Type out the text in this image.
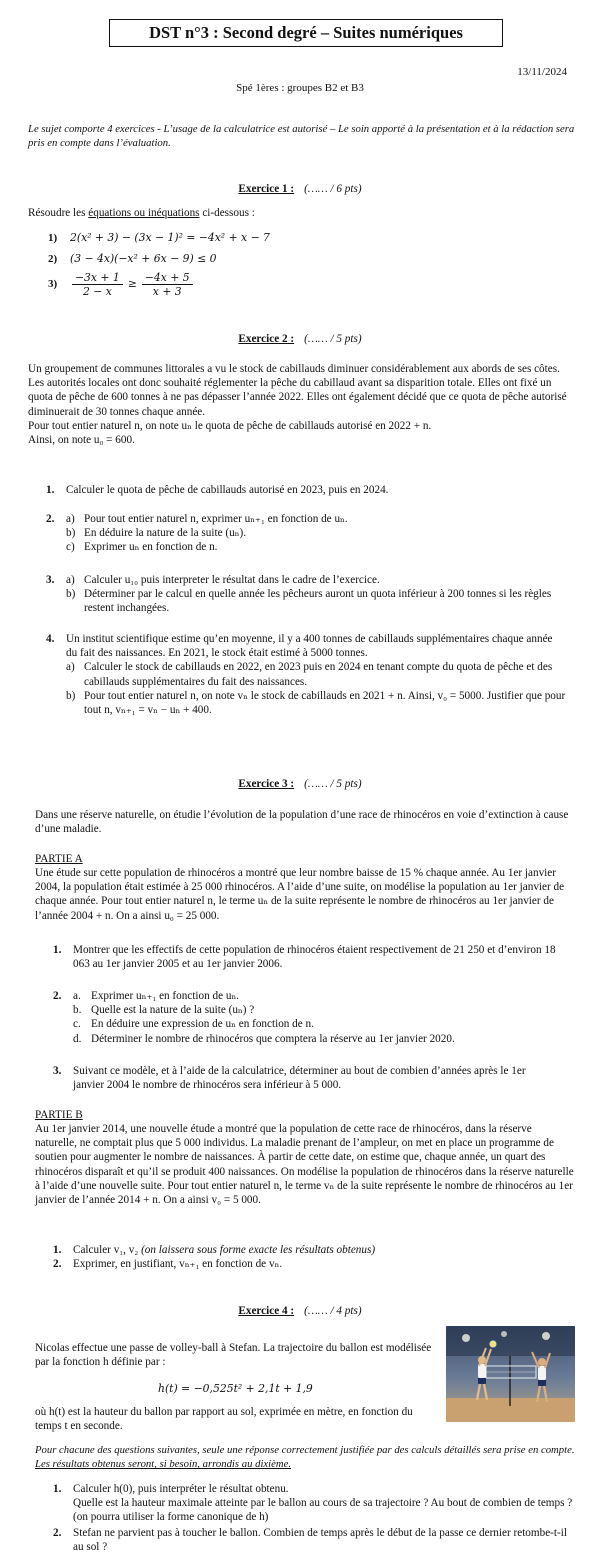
DST n°3 : Second degré – Suites numériques
13/11/2024
Spé 1ères : groupes B2 et B3
Le sujet comporte 4 exercices - L’usage de la calculatrice est autorisé – Le soin apporté à la présentation et à la rédaction sera pris en compte dans l’évaluation.
Exercice 1 : (…… / 6 pts)
Résoudre les équations ou inéquations ci-dessous :
1) 2(x² + 3) − (3x − 1)² = −4x² + x − 7
2) (3 − 4x)(−x² + 6x − 9) ≤ 0
3)	$\frac{-3x + 1}{2 - x} \ge \frac{-4x + 5}{x + 3}$
Exercice 2 : (…… / 5 pts)
Un groupement de communes littorales a vu le stock de cabillauds diminuer considérablement aux abords de ses côtes.
Les autorités locales ont donc souhaité réglementer la pêche du cabillaud avant sa disparition totale. Elles ont fixé un quota de pêche de 600 tonnes à ne pas dépasser l’année 2022. Elles ont également décidé que ce quota de pêche autorisé diminuerait de 30 tonnes chaque année.
Pour tout entier naturel n, on note uₙ le quota de pêche de cabillauds autorisé en 2022 + n.
Ainsi, on note u₀ = 600.
1.	Calculer le quota de pêche de cabillauds autorisé en 2023, puis en 2024.
2.	a) Pour tout entier naturel n, exprimer uₙ₊₁ en fonction de uₙ.
b) En déduire la nature de la suite (uₙ).
c) Exprimer uₙ en fonction de n.
3.	a) Calculer u₁₀ puis interpreter le résultat dans le cadre de l’exercice.
b) Déterminer par le calcul en quelle année les pêcheurs auront un quota inférieur à 200 tonnes si les règles restent inchangées.
4.	Un institut scientifique estime qu’en moyenne, il y a 400 tonnes de cabillauds supplémentaires chaque année du fait des naissances. En 2021, le stock était estimé à 5000 tonnes.
a) Calculer le stock de cabillauds en 2022, en 2023 puis en 2024 en tenant compte du quota de pêche et des cabillauds supplémentaires du fait des naissances.
b) Pour tout entier naturel n, on note vₙ le stock de cabillauds en 2021 + n. Ainsi, v₀ = 5000. Justifier que pour tout n, vₙ₊₁ = vₙ − uₙ + 400.
Exercice 3 : (…… / 5 pts)
Dans une réserve naturelle, on étudie l’évolution de la population d’une race de rhinocéros en voie d’extinction à cause d’une maladie.
PARTIE A
Une étude sur cette population de rhinocéros a montré que leur nombre baisse de 15 % chaque année. Au 1er janvier 2004, la population était estimée à 25 000 rhinocéros. A l’aide d’une suite, on modélise la population au 1er janvier de chaque année. Pour tout entier naturel n, le terme uₙ de la suite représente le nombre de rhinocéros au 1er janvier de l’année 2004 + n. On a ainsi u₀ = 25 000.
1.	Montrer que les effectifs de cette population de rhinocéros étaient respectivement de 21 250 et d’environ 18 063 au 1er janvier 2005 et au 1er janvier 2006.
2.	a. Exprimer uₙ₊₁ en fonction de uₙ.
b. Quelle est la nature de la suite (uₙ) ?
c. En déduire une expression de uₙ en fonction de n.
d. Déterminer le nombre de rhinocéros que comptera la réserve au 1er janvier 2020.
3.	Suivant ce modèle, et à l’aide de la calculatrice, déterminer au bout de combien d’années après le 1er janvier 2004 le nombre de rhinocéros sera inférieur à 5 000.
PARTIE B
Au 1er janvier 2014, une nouvelle étude a montré que la population de cette race de rhinocéros, dans la réserve naturelle, ne comptait plus que 5 000 individus. La maladie prenant de l’ampleur, on met en place un programme de soutien pour augmenter le nombre de naissances. À partir de cette date, on estime que, chaque année, un quart des rhinocéros disparaît et qu’il se produit 400 naissances. On modélise la population de rhinocéros dans la réserve naturelle à l’aide d’une nouvelle suite. Pour tout entier naturel n, le terme vₙ de la suite représente le nombre de rhinocéros au 1er janvier de l’année 2014 + n. On a ainsi v₀ = 5 000.
1.	Calculer v₁, v₂ (on laissera sous forme exacte les résultats obtenus)
2.	Exprimer, en justifiant, vₙ₊₁ en fonction de vₙ.
Exercice 4 : (…… / 4 pts)
Nicolas effectue une passe de volley-ball à Stefan. La trajectoire du ballon est modélisée par la fonction h définie par :
h(t) = −0,525t² + 2,1t + 1,9
où h(t) est la hauteur du ballon par rapport au sol, exprimée en mètre, en fonction du temps t en seconde.
Pour chacune des questions suivantes, seule une réponse correctement justifiée par des calculs détaillés sera prise en compte. Les résultats obtenus seront, si besoin, arrondis au dixième.
1.	Calculer h(0), puis interpréter le résultat obtenu.
Quelle est la hauteur maximale atteinte par le ballon au cours de sa trajectoire ? Au bout de combien de temps ? (on pourra utiliser la forme canonique de h)
2.	Stefan ne parvient pas à toucher le ballon. Combien de temps après le début de la passe ce dernier retombe-t-il au sol ?
